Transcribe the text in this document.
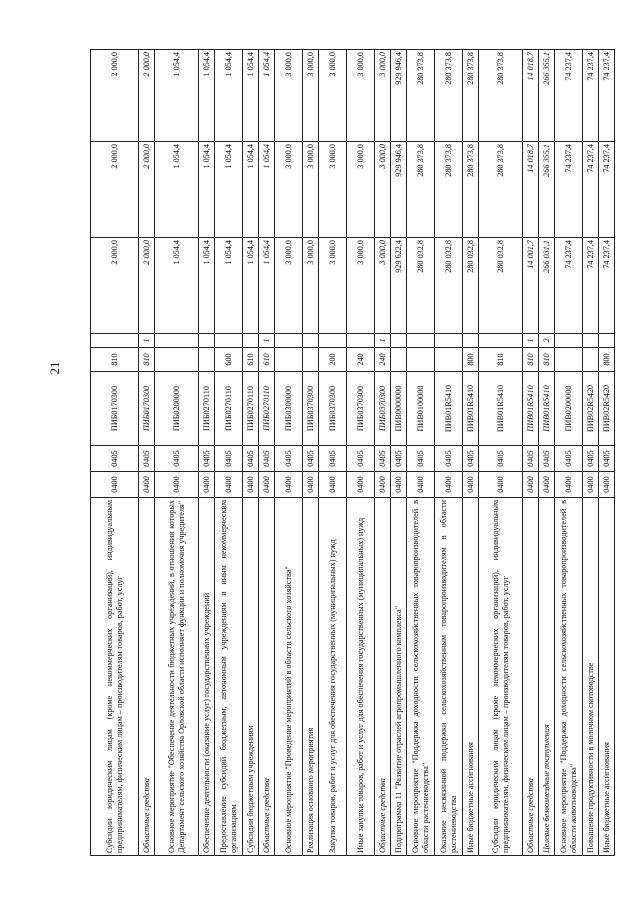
21
Субсидии юридическим лицам (кроме некоммерческих организаций), индивидуальным предпринимателям, физическим лицам – производителям товаров, работ, услуг	0400	0405	ПИБ0170300	810		2 000,0	2 000,0	2 000,0
Областные средства	0400	0405	ПИБ0170300	810	1	2 000,0	2 000,0	2 000,0
Основное мероприятие "Обеспечение деятельности бюджетных учреждений, в отношении которых Департамент сельского хозяйства Орловской области исполняет функции и полномочия учредителя"	0400	0405	ПИБ0200000			1 054,4	1 054,4	1 054,4
Обеспечение деятельности (оказание услуг) государственных учреждений	0400	0405	ПИБ0270110			1 054,4	1 054,4	1 054,4
Предоставление субсидий бюджетным, автономным учреждениям и иным некоммерческим организациям	0400	0405	ПИБ0270110	600		1 054,4	1 054,4	1 054,4
Субсидии бюджетным учреждениям	0400	0405	ПИБ0270110	610		1 054,4	1 054,4	1 054,4
Областные средства	0400	0405	ПИБ0270110	610	1	1 054,4	1 054,4	1 054,4
Основное мероприятие "Проведение мероприятий в области сельского хозяйства"	0400	0405	ПИБ0300000			3 000,0	3 000,0	3 000,0
Реализация основного мероприятия	0400	0405	ПИБ0370300			3 000,0	3 000,0	3 000,0
Закупка товаров, работ и услуг для обеспечения государственных (муниципальных) нужд	0400	0405	ПИБ0370300	200		3 000,0	3 000,0	3 000,0
Иные закупки товаров, работ и услуг для обеспечения государственных (муниципальных) нужд	0400	0405	ПИБ0370300	240		3 000,0	3 000,0	3 000,0
Областные средства	0400	0405	ПИБ0370300	240	1	3 000,0	3 000,0	3 000,0
Подпрограмма 11 "Развитие отраслей агропромышленного комплекса"	0400	0405	ПИВ0000000			929 622,4	929 946,4	929 946,4
Основное мероприятие "Поддержка доходности сельскохозяйственных товаропроизводителей в области растениеводства"	0400	0405	ПИВ0100000			280 032,8	280 373,8	280 373,8
Оказание несвязанной поддержки сельскохозяйственным товаропроизводителям в области растениеводства	0400	0405	ПИВ01R5410			280 032,8	280 373,8	280 373,8
Иные бюджетные ассигнования	0400	0405	ПИВ01R5410	800		280 032,8	280 373,8	280 373,8
Субсидии юридическим лицам (кроме некоммерческих организаций), индивидуальным предпринимателям, физическим лицам – производителям товаров, работ, услуг	0400	0405	ПИВ01R5410	810		280 032,8	280 373,8	280 373,8
Областные средства	0400	0405	ПИВ01R5410	810	1	14 001,7	14 018,7	14 018,7
Целевые безвозмездные поступления	0400	0405	ПИВ01R5410	810	2	266 031,1	266 355,1	266 355,1
Основное мероприятие "Поддержка доходности сельскохозяйственных товаропроизводителей в области животноводства"	0400	0405	ПИВ0200000			74 237,4	74 237,4	74 237,4
Повышение продуктивности в молочном скотоводстве	0400	0405	ПИВ02R5420			74 237,4	74 237,4	74 237,4
Иные бюджетные ассигнования	0400	0405	ПИВ02R5420	800		74 237,4	74 237,4	74 237,4
